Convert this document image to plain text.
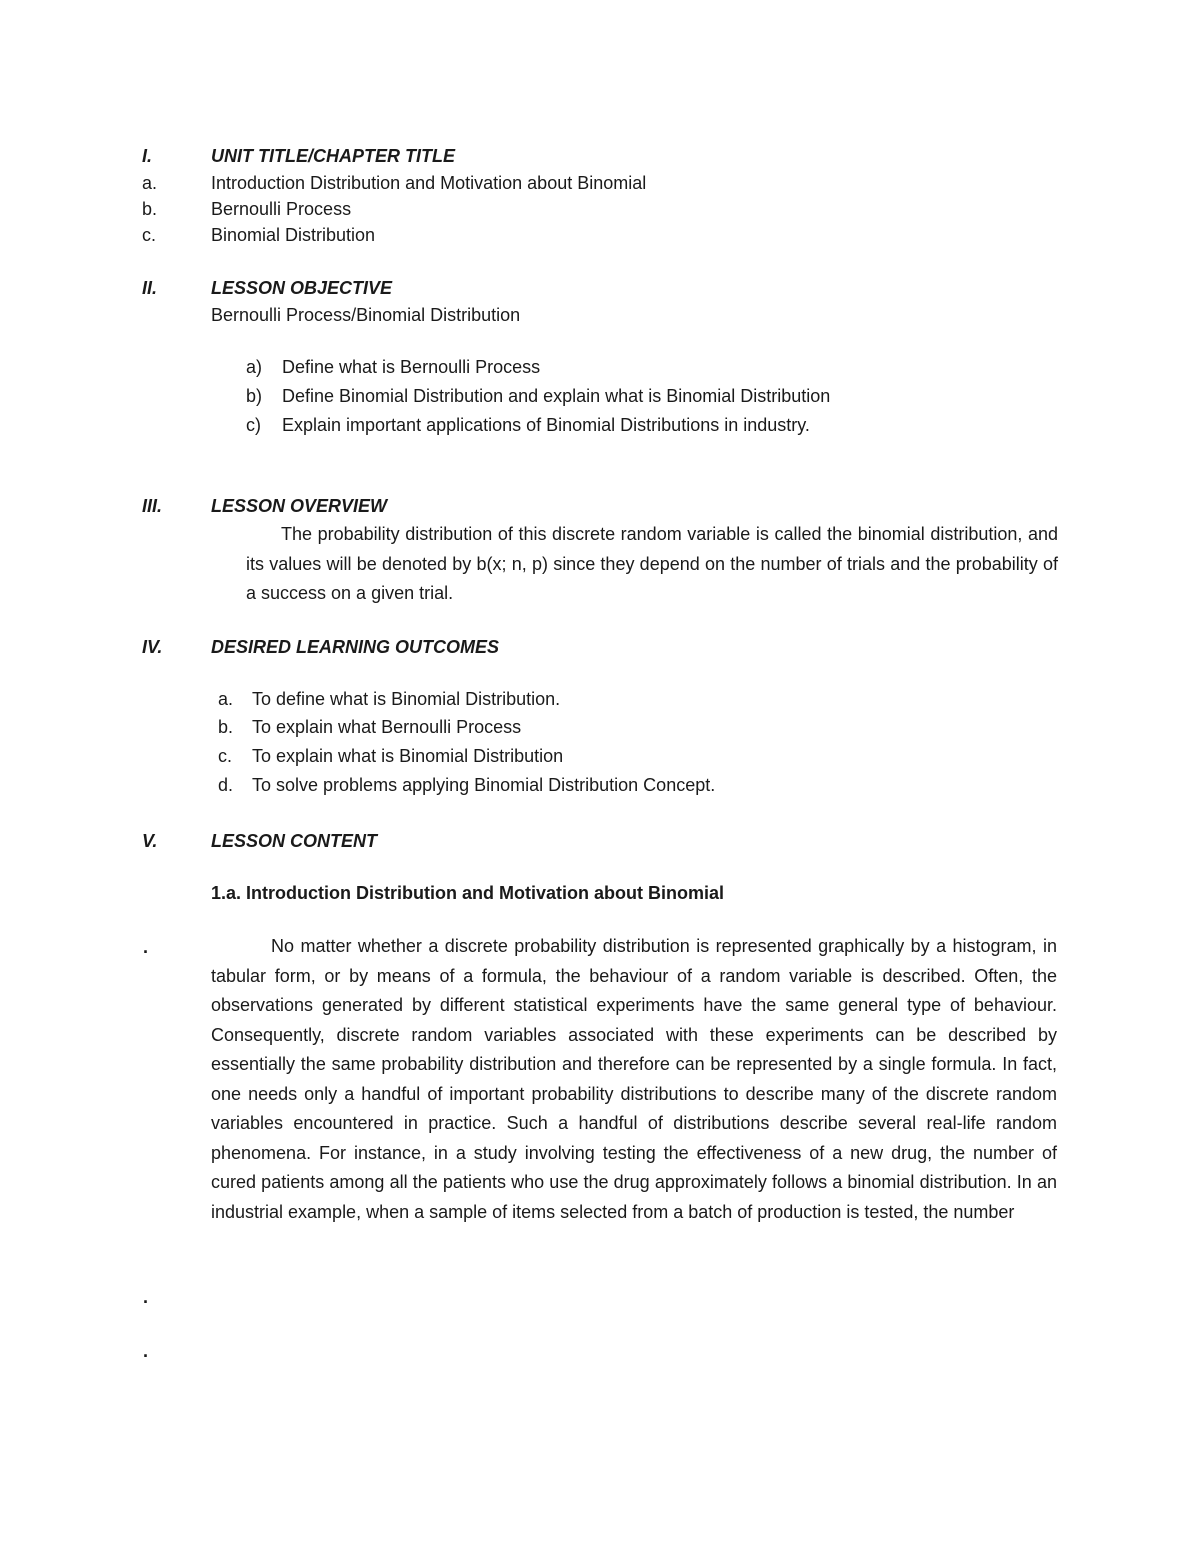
I.	UNIT TITLE/CHAPTER TITLE
a.	Introduction Distribution and Motivation about Binomial
b.	Bernoulli Process
c.	Binomial Distribution
II.	LESSON OBJECTIVE
Bernoulli Process/Binomial Distribution
a) Define what is Bernoulli Process
b) Define Binomial Distribution and explain what is Binomial Distribution
c) Explain important applications of Binomial Distributions in industry.
III.	LESSON OVERVIEW
The probability distribution of this discrete random variable is called the binomial distribution, and its values will be denoted by b(x; n, p) since they depend on the number of trials and the probability of a success on a given trial.
IV.	DESIRED LEARNING OUTCOMES
a. To define what is Binomial Distribution.
b. To explain what Bernoulli Process
c. To explain what is Binomial Distribution
d. To solve problems applying Binomial Distribution Concept.
V.	LESSON CONTENT
1.a. Introduction Distribution and Motivation about Binomial
.	No matter whether a discrete probability distribution is represented graphically by a histogram, in tabular form, or by means of a formula, the behaviour of a random variable is described. Often, the observations generated by different statistical experiments have the same general type of behaviour. Consequently, discrete random variables associated with these experiments can be described by essentially the same probability distribution and therefore can be represented by a single formula. In fact, one needs only a handful of important probability distributions to describe many of the discrete random variables encountered in practice. Such a handful of distributions describe several real-life random phenomena. For instance, in a study involving testing the effectiveness of a new drug, the number of cured patients among all the patients who use the drug approximately follows a binomial distribution. In an industrial example, when a sample of items selected from a batch of production is tested, the number
.
.
